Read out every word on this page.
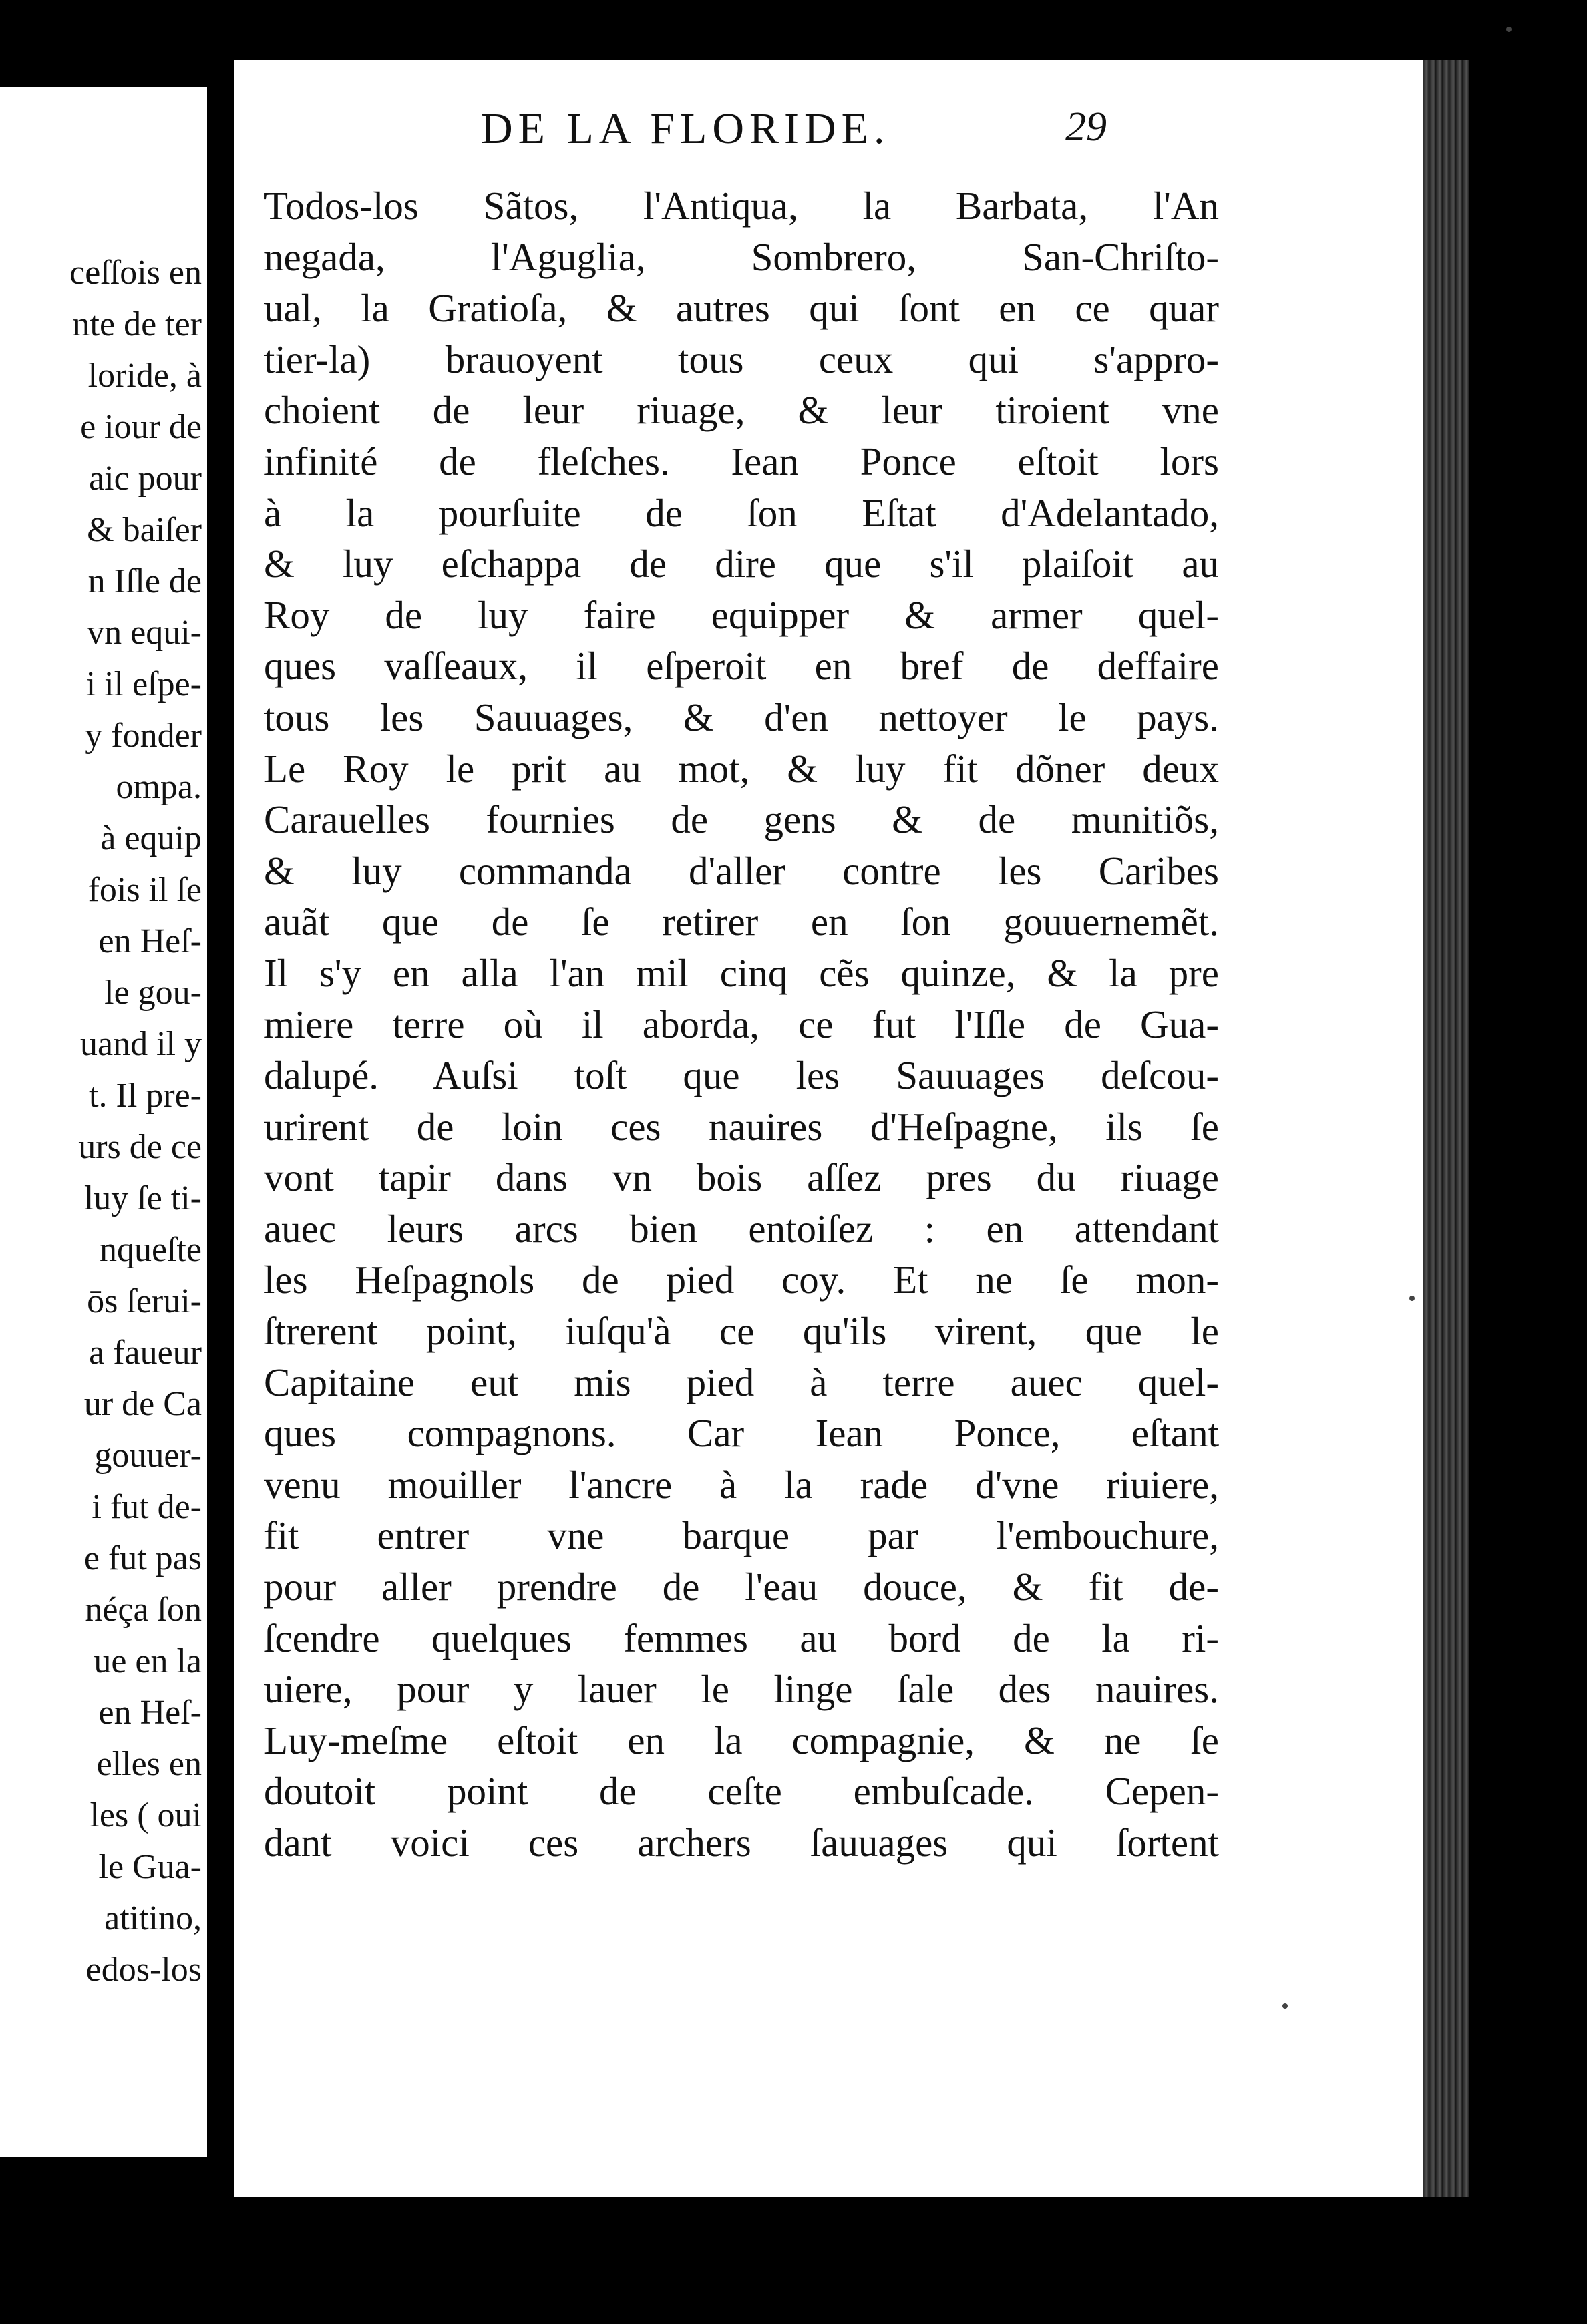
ceſſois en
nte de ter
loride, à
e iour de
aic pour
& baiſer
n Iſle de
vn equi-
i il eſpe-
y fonder
ompa.
à equip
fois il ſe
en Heſ-
le gou-
uand il y
t. Il pre-
urs de ce
luy ſe ti-
nqueſte
ōs ſerui-
a faueur
ur de Ca
gouuer-
i fut de-
e fut pas
néça ſon
ue en la
en Heſ-
elles en
les ( oui
le Gua-
atitino,
edos-los
DE LA FLORIDE.	29
Todos-los Sãtos, l'Antiqua, la Barbata, l'An
negada, l'Aguglia, Sombrero, San-Chriſto-
ual, la Gratioſa, & autres qui ſont en ce quar
tier-la) brauoyent tous ceux qui s'appro-
choient de leur riuage, & leur tiroient vne
infinité de fleſches. Iean Ponce eſtoit lors
à la pourſuite de ſon Eſtat d'Adelantado,
& luy eſchappa de dire que s'il plaiſoit au
Roy de luy faire equipper & armer quel-
ques vaſſeaux, il eſperoit en bref de deffaire
tous les Sauuages, & d'en nettoyer le pays.
Le Roy le prit au mot, & luy fit dõner deux
Carauelles fournies de gens & de munitiõs,
& luy commanda d'aller contre les Caribes
auãt que de ſe retirer en ſon gouuernemẽt.
Il s'y en alla l'an mil cinq cẽs quinze, & la pre
miere terre où il aborda, ce fut l'Iſle de Gua-
dalupé. Auſsi toſt que les Sauuages deſcou-
urirent de loin ces nauires d'Heſpagne, ils ſe
vont tapir dans vn bois aſſez pres du riuage
auec leurs arcs bien entoiſez : en attendant
les Heſpagnols de pied coy. Et ne ſe mon-
ſtrerent point, iuſqu'à ce qu'ils virent, que le
Capitaine eut mis pied à terre auec quel-
ques compagnons. Car Iean Ponce, eſtant
venu mouiller l'ancre à la rade d'vne riuiere,
fit entrer vne barque par l'embouchure,
pour aller prendre de l'eau douce, & fit de-
ſcendre quelques femmes au bord de la ri-
uiere, pour y lauer le linge ſale des nauires.
Luy-meſme eſtoit en la compagnie, & ne ſe
doutoit point de ceſte embuſcade. Cepen-
dant voici ces archers ſauuages qui ſortent
